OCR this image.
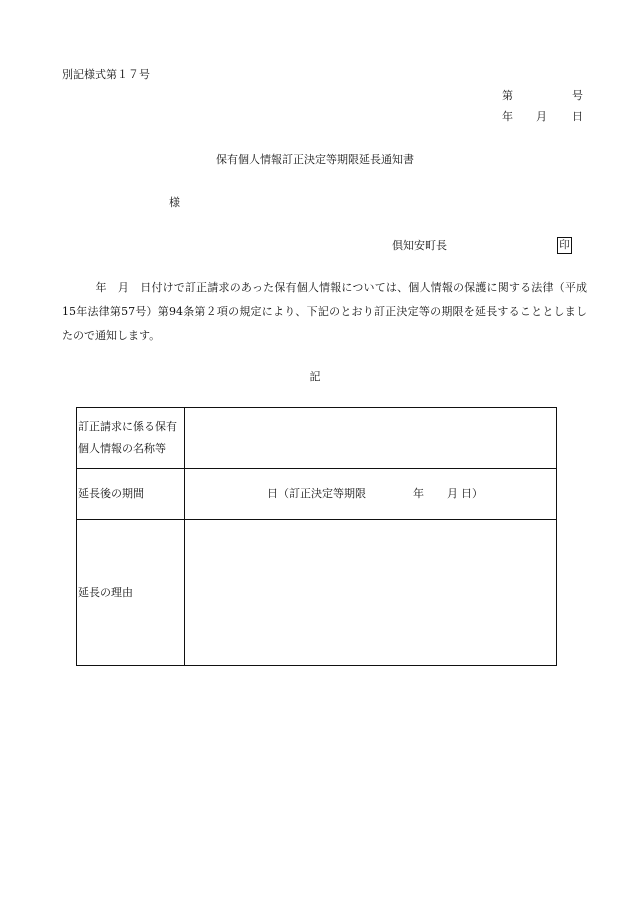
別記様式第１７号
第	号
年 月 日
保有個人情報訂正決定等期限延長通知書
様
倶知安町長	印
　　　年　月　日付けで訂正請求のあった保有個人情報については、個人情報の保護に関する法律（平成15年法律第57号）第94条第２項の規定により、下記のとおり訂正決定等の期限を延長することとしましたので通知します。
記
訂正請求に係る保有
個人情報の名称等	
延長後の期間	日（訂正決定等期限 年 月 日）

延長の理由	
